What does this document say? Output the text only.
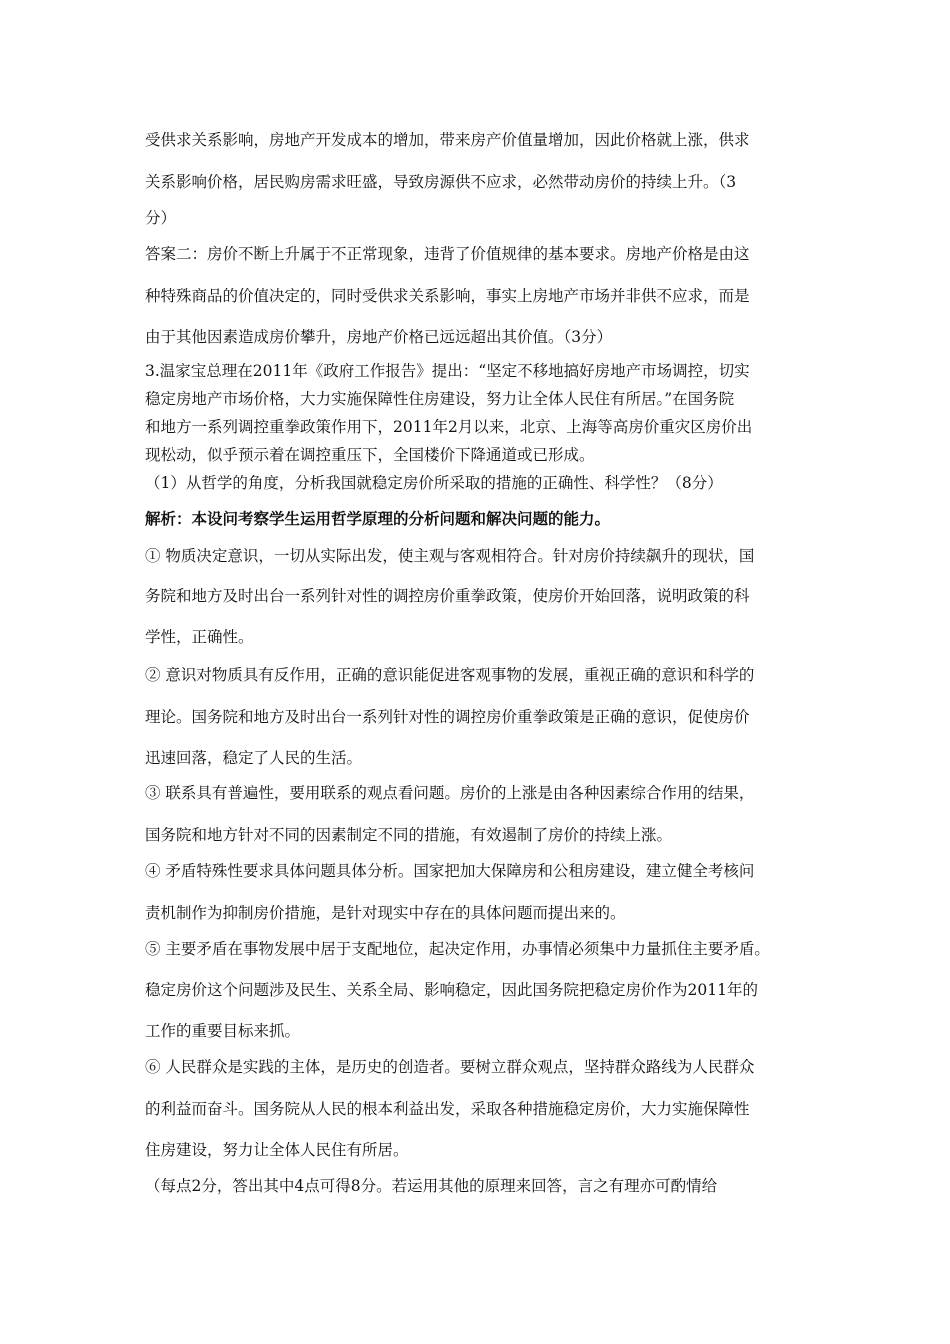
受供求关系影响，房地产开发成本的增加，带来房产价值量增加，因此价格就上涨，供求
关系影响价格，居民购房需求旺盛，导致房源供不应求，必然带动房价的持续上升。（3
分）
答案二：房价不断上升属于不正常现象，违背了价值规律的基本要求。房地产价格是由这
种特殊商品的价值决定的，同时受供求关系影响，事实上房地产市场并非供不应求，而是
由于其他因素造成房价攀升，房地产价格已远远超出其价值。（3分）
3.温家宝总理在2011年《政府工作报告》提出：“坚定不移地搞好房地产市场调控，切实
稳定房地产市场价格，大力实施保障性住房建设，努力让全体人民住有所居。”在国务院
和地方一系列调控重拳政策作用下，2011年2月以来，北京、上海等高房价重灾区房价出
现松动，似乎预示着在调控重压下，全国楼价下降通道或已形成。
（1）从哲学的角度，分析我国就稳定房价所采取的措施的正确性、科学性？（8分）
解析：本设问考察学生运用哲学原理的分析问题和解决问题的能力。
① 物质决定意识，一切从实际出发，使主观与客观相符合。针对房价持续飙升的现状，国
务院和地方及时出台一系列针对性的调控房价重拳政策，使房价开始回落，说明政策的科
学性，正确性。
② 意识对物质具有反作用，正确的意识能促进客观事物的发展，重视正确的意识和科学的
理论。国务院和地方及时出台一系列针对性的调控房价重拳政策是正确的意识，促使房价
迅速回落，稳定了人民的生活。
③ 联系具有普遍性，要用联系的观点看问题。房价的上涨是由各种因素综合作用的结果，
国务院和地方针对不同的因素制定不同的措施，有效遏制了房价的持续上涨。
④ 矛盾特殊性要求具体问题具体分析。国家把加大保障房和公租房建设，建立健全考核问
责机制作为抑制房价措施，是针对现实中存在的具体问题而提出来的。
⑤ 主要矛盾在事物发展中居于支配地位，起决定作用，办事情必须集中力量抓住主要矛盾。
稳定房价这个问题涉及民生、关系全局、影响稳定，因此国务院把稳定房价作为2011年的
工作的重要目标来抓。
⑥ 人民群众是实践的主体，是历史的创造者。要树立群众观点，坚持群众路线为人民群众
的利益而奋斗。国务院从人民的根本利益出发，采取各种措施稳定房价，大力实施保障性
住房建设，努力让全体人民住有所居。
（每点2分，答出其中4点可得8分。若运用其他的原理来回答，言之有理亦可酌情给
